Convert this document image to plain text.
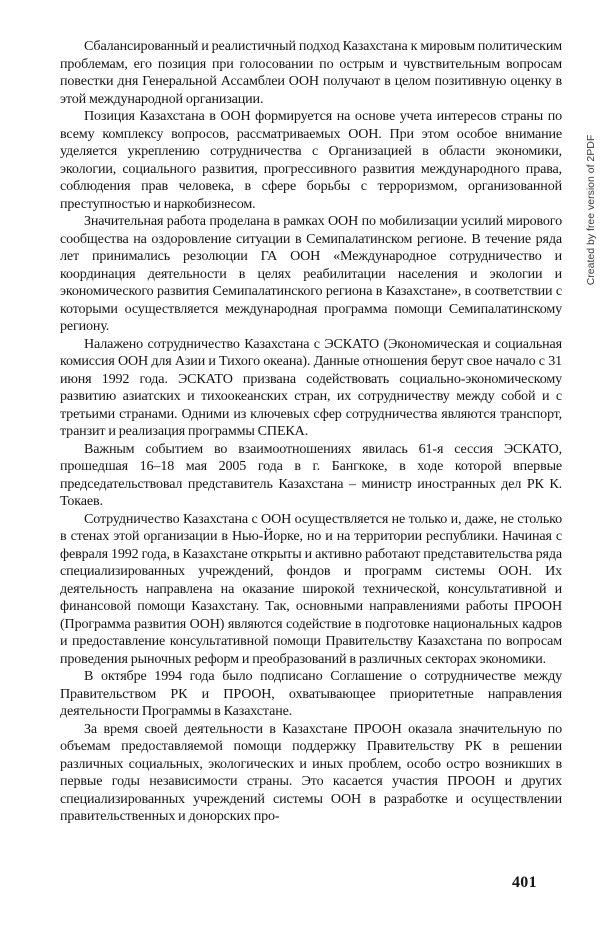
Сбалансированный и реалистичный подход Казахстана к мировым политическим проблемам, его позиция при голосовании по острым и чувствительным вопросам повестки дня Генеральной Ассамблеи ООН получают в целом позитивную оценку в этой международной организации.

Позиция Казахстана в ООН формируется на основе учета интересов страны по всему комплексу вопросов, рассматриваемых ООН. При этом особое внимание уделяется укреплению сотрудничества с Организацией в области экономики, экологии, социального развития, прогрессивного развития международного права, соблюдения прав человека, в сфере борьбы с терроризмом, организованной преступностью и наркобизнесом.

Значительная работа проделана в рамках ООН по мобилизации усилий мирового сообщества на оздоровление ситуации в Семипалатинском регионе. В течение ряда лет принимались резолюции ГА ООН «Международное сотрудничество и координация деятельности в целях реабилитации населения и экологии и экономического развития Семипалатинского региона в Казахстане», в соответствии с которыми осуществляется международная программа помощи Семипалатинскому региону.

Налажено сотрудничество Казахстана с ЭСКАТО (Экономическая и социальная комиссия ООН для Азии и Тихого океана). Данные отношения берут свое начало с 31 июня 1992 года. ЭСКАТО призвана содействовать социально-экономическому развитию азиатских и тихоокеанских стран, их сотрудничеству между собой и с третьими странами. Одними из ключевых сфер сотрудничества являются транспорт, транзит и реализация программы СПЕКА.

Важным событием во взаимоотношениях явилась 61-я сессия ЭСКАТО, прошедшая 16–18 мая 2005 года в г. Бангкоке, в ходе которой впервые председательствовал представитель Казахстана – министр иностранных дел РК К. Токаев.

Сотрудничество Казахстана с ООН осуществляется не только и, даже, не столько в стенах этой организации в Нью-Йорке, но и на территории республики. Начиная с февраля 1992 года, в Казахстане открыты и активно работают представительства ряда специализированных учреждений, фондов и программ системы ООН. Их деятельность направлена на оказание широкой технической, консультативной и финансовой помощи Казахстану. Так, основными направлениями работы ПРООН (Программа развития ООН) являются содействие в подготовке национальных кадров и предоставление консультативной помощи Правительству Казахстана по вопросам проведения рыночных реформ и преобразований в различных секторах экономики.

В октябре 1994 года было подписано Соглашение о сотрудничестве между Правительством РК и ПРООН, охватывающее приоритетные направления деятельности Программы в Казахстане.

За время своей деятельности в Казахстане ПРООН оказала значительную по объемам предоставляемой помощи поддержку Правительству РК в решении различных социальных, экологических и иных проблем, особо остро возникших в первые годы независимости страны. Это касается участия ПРООН и других специализированных учреждений системы ООН в разработке и осуществлении правительственных и донорских про-

401
Created by free version of 2PDF
